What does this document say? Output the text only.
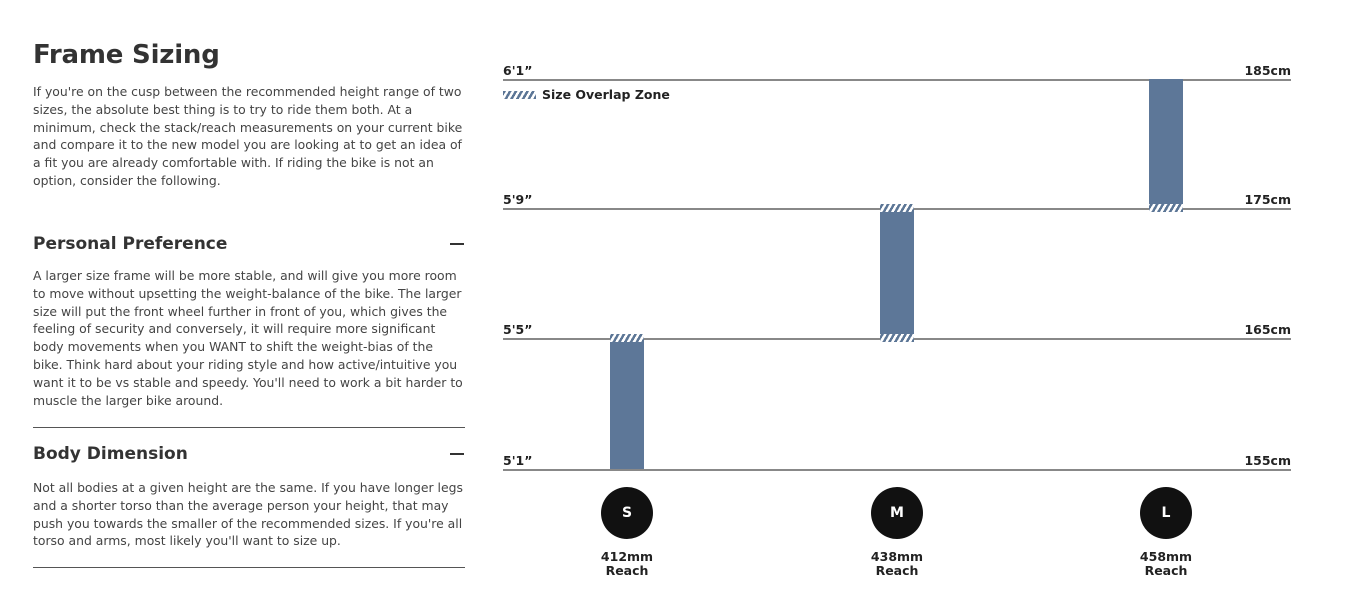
Frame Sizing

If you're on the cusp between the recommended height range of two sizes, the absolute best thing is to try to ride them both. At a minimum, check the stack/reach measurements on your current bike and compare it to the new model you are looking at to get an idea of a fit you are already comfortable with. If riding the bike is not an option, consider the following.

Personal Preference

A larger size frame will be more stable, and will give you more room to move without upsetting the weight-balance of the bike. The larger size will put the front wheel further in front of you, which gives the feeling of security and conversely, it will require more significant body movements when you WANT to shift the weight-bias of the bike. Think hard about your riding style and how active/intuitive you want it to be vs stable and speedy. You'll need to work a bit harder to muscle the larger bike around.

Body Dimension

Not all bodies at a given height are the same. If you have longer legs and a shorter torso than the average person your height, that may push you towards the smaller of the recommended sizes. If you're all torso and arms, most likely you'll want to size up.

Size Overlap Zone
6'1”	185cm
5'9”	175cm
5'5”	165cm
5'1”	155cm
S
412mm
Reach
M
438mm
Reach
L
458mm
Reach
